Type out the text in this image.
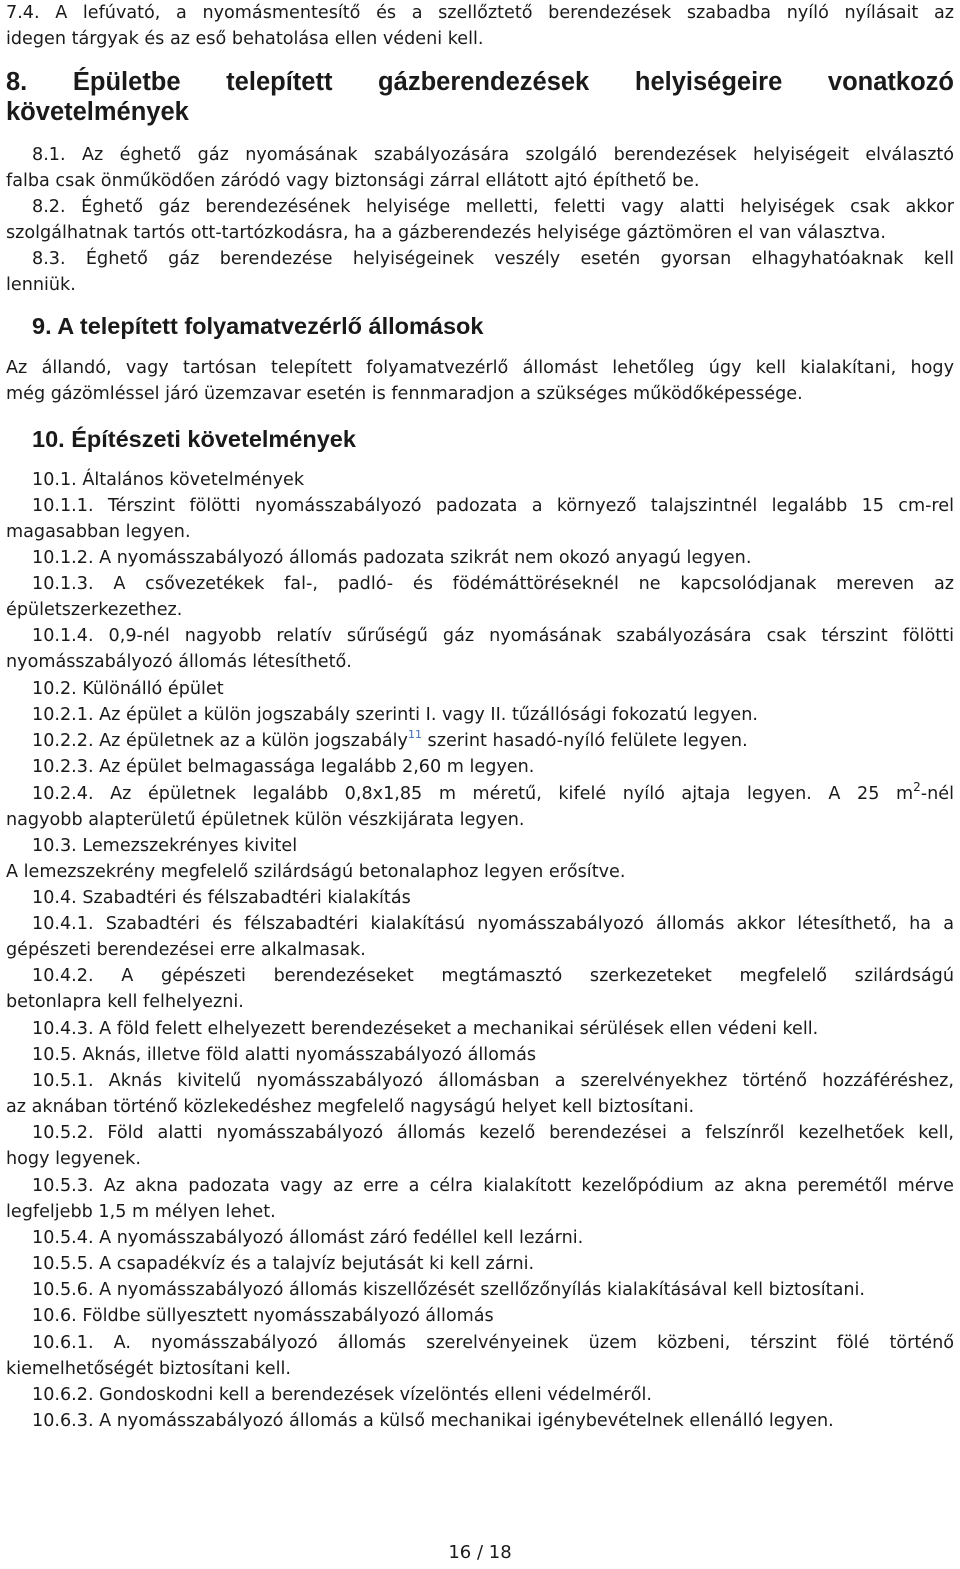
7.4. A lefúvató, a nyomásmentesítő és a szellőztető berendezések szabadba nyíló nyílásait az
idegen tárgyak és az eső behatolása ellen védeni kell.
8. Épületbe telepített gázberendezések helyiségeire vonatkozó
követelmények
8.1. Az éghető gáz nyomásának szabályozására szolgáló berendezések helyiségeit elválasztó
falba csak önműködően záródó vagy biztonsági zárral ellátott ajtó építhető be.
8.2. Éghető gáz berendezésének helyisége melletti, feletti vagy alatti helyiségek csak akkor
szolgálhatnak tartós ott-tartózkodásra, ha a gázberendezés helyisége gáztömören el van választva.
8.3. Éghető gáz berendezése helyiségeinek veszély esetén gyorsan elhagyhatóaknak kell
lenniük.
9. A telepített folyamatvezérlő állomások
Az állandó, vagy tartósan telepített folyamatvezérlő állomást lehetőleg úgy kell kialakítani, hogy
még gázömléssel járó üzemzavar esetén is fennmaradjon a szükséges működőképessége.
10. Építészeti követelmények
10.1. Általános követelmények
10.1.1. Térszint fölötti nyomásszabályozó padozata a környező talajszintnél legalább 15 cm-rel
magasabban legyen.
10.1.2. A nyomásszabályozó állomás padozata szikrát nem okozó anyagú legyen.
10.1.3. A csővezetékek fal-, padló- és födémáttöréseknél ne kapcsolódjanak mereven az
épületszerkezethez.
10.1.4. 0,9-nél nagyobb relatív sűrűségű gáz nyomásának szabályozására csak térszint fölötti
nyomásszabályozó állomás létesíthető.
10.2. Különálló épület
10.2.1. Az épület a külön jogszabály szerinti I. vagy II. tűzállósági fokozatú legyen.
10.2.2. Az épületnek az a külön jogszabály$^{11}$ szerint hasadó-nyíló felülete legyen.
10.2.3. Az épület belmagassága legalább 2,60 m legyen.
10.2.4. Az épületnek legalább 0,8x1,85 m méretű, kifelé nyíló ajtaja legyen. A 25 $m^2$-nél
nagyobb alapterületű épületnek külön vészkijárata legyen.
10.3. Lemezszekrényes kivitel
A lemezszekrény megfelelő szilárdságú betonalaphoz legyen erősítve.
10.4. Szabadtéri és félszabadtéri kialakítás
10.4.1. Szabadtéri és félszabadtéri kialakítású nyomásszabályozó állomás akkor létesíthető, ha a
gépészeti berendezései erre alkalmasak.
10.4.2. A gépészeti berendezéseket megtámasztó szerkezeteket megfelelő szilárdságú
betonlapra kell felhelyezni.
10.4.3. A föld felett elhelyezett berendezéseket a mechanikai sérülések ellen védeni kell.
10.5. Aknás, illetve föld alatti nyomásszabályozó állomás
10.5.1. Aknás kivitelű nyomásszabályozó állomásban a szerelvényekhez történő hozzáféréshez,
az aknában történő közlekedéshez megfelelő nagyságú helyet kell biztosítani.
10.5.2. Föld alatti nyomásszabályozó állomás kezelő berendezései a felszínről kezelhetőek kell,
hogy legyenek.
10.5.3. Az akna padozata vagy az erre a célra kialakított kezelőpódium az akna peremétől mérve
legfeljebb 1,5 m mélyen lehet.
10.5.4. A nyomásszabályozó állomást záró fedéllel kell lezárni.
10.5.5. A csapadékvíz és a talajvíz bejutását ki kell zárni.
10.5.6. A nyomásszabályozó állomás kiszellőzését szellőzőnyílás kialakításával kell biztosítani.
10.6. Földbe süllyesztett nyomásszabályozó állomás
10.6.1. A. nyomásszabályozó állomás szerelvényeinek üzem közbeni, térszint fölé történő
kiemelhetőségét biztosítani kell.
10.6.2. Gondoskodni kell a berendezések vízelöntés elleni védelméről.
10.6.3. A nyomásszabályozó állomás a külső mechanikai igénybevételnek ellenálló legyen.
16 / 18
